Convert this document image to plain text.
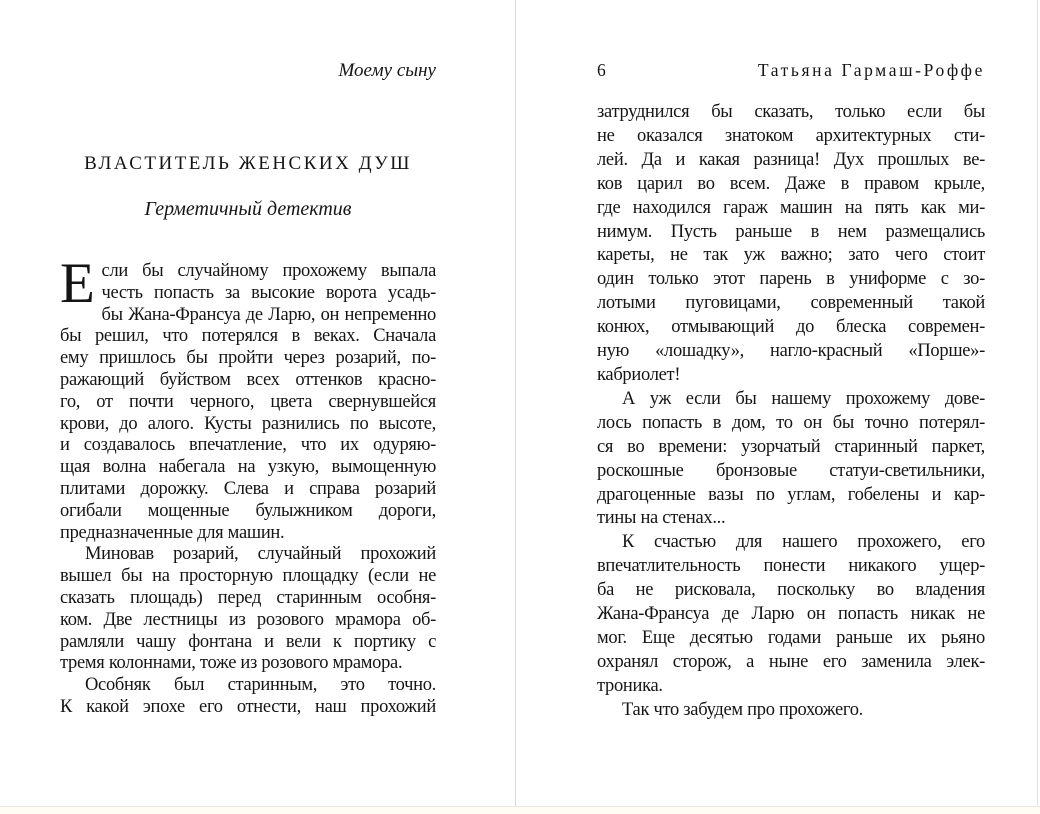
Моему сыну
ВЛАСТИТЕЛЬ ЖЕНСКИХ ДУШ
Герметичный детектив
Е сли бы случайному прохожему выпала
честь попасть за высокие ворота усадь-
бы Жана-Франсуа де Ларю, он непременно
бы решил, что потерялся в веках. Сначала
ему пришлось бы пройти через розарий, по-
ражающий буйством всех оттенков красно-
го, от почти черного, цвета свернувшейся
крови, до алого. Кусты разнились по высоте,
и создавалось впечатление, что их одуряю-
щая волна набегала на узкую, вымощенную
плитами дорожку. Слева и справа розарий
огибали мощенные булыжником дороги,
предназначенные для машин.
Миновав розарий, случайный прохожий
вышел бы на просторную площадку (если не
сказать площадь) перед старинным особня-
ком. Две лестницы из розового мрамора об-
рамляли чашу фонтана и вели к портику с
тремя колоннами, тоже из розового мрамора.
Особняк был старинным, это точно.
К какой эпохе его отнести, наш прохожий
6	Татьяна Гармаш-Роффе
затруднился бы сказать, только если бы
не оказался знатоком архитектурных сти-
лей. Да и какая разница! Дух прошлых ве-
ков царил во всем. Даже в правом крыле,
где находился гараж машин на пять как ми-
нимум. Пусть раньше в нем размещались
кареты, не так уж важно; зато чего стоит
один только этот парень в униформе с зо-
лотыми пуговицами, современный такой
конюх, отмывающий до блеска современ-
ную «лошадку», нагло-красный «Порше»-
кабриолет!
А уж если бы нашему прохожему дове-
лось попасть в дом, то он бы точно потерял-
ся во времени: узорчатый старинный паркет,
роскошные бронзовые статуи-светильники,
драгоценные вазы по углам, гобелены и кар-
тины на стенах...
К счастью для нашего прохожего, его
впечатлительность понести никакого ущер-
ба не рисковала, поскольку во владения
Жана-Франсуа де Ларю он попасть никак не
мог. Еще десятью годами раньше их рьяно
охранял сторож, а ныне его заменила элек-
троника.
Так что забудем про прохожего.
